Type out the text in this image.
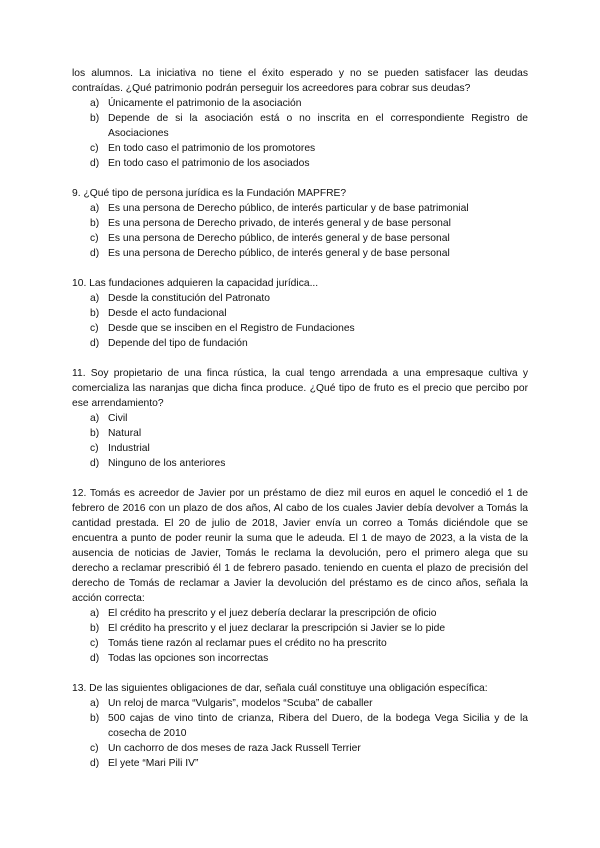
los alumnos. La iniciativa no tiene el éxito esperado y no se pueden satisfacer las deudas contraídas. ¿Qué patrimonio podrán perseguir los acreedores para cobrar sus deudas?

a) Únicamente el patrimonio de la asociación
b) Depende de si la asociación está o no inscrita en el correspondiente Registro de Asociaciones
c) En todo caso el patrimonio de los promotores
d) En todo caso el patrimonio de los asociados

9. ¿Qué tipo de persona jurídica es la Fundación MAPFRE?

a) Es una persona de Derecho público, de interés particular y de base patrimonial
b) Es una persona de Derecho privado, de interés general y de base personal
c) Es una persona de Derecho público, de interés general y de base personal
d) Es una persona de Derecho público, de interés general y de base personal

10. Las fundaciones adquieren la capacidad jurídica...

a) Desde la constitución del Patronato
b) Desde el acto fundacional
c) Desde que se insciben en el Registro de Fundaciones
d) Depende del tipo de fundación

11. Soy propietario de una finca rústica, la cual tengo arrendada a una empresaque cultiva y comercializa las naranjas que dicha finca produce. ¿Qué tipo de fruto es el precio que percibo por ese arrendamiento?

a) Civil
b) Natural
c) Industrial
d) Ninguno de los anteriores

12. Tomás es acreedor de Javier por un préstamo de diez mil euros en aquel le concedió el 1 de febrero de 2016 con un plazo de dos años, Al cabo de los cuales Javier debía devolver a Tomás la cantidad prestada. El 20 de julio de 2018, Javier envía un correo a Tomás diciéndole que se encuentra a punto de poder reunir la suma que le adeuda. El 1 de mayo de 2023, a la vista de la ausencia de noticias de Javier, Tomás le reclama la devolución, pero el primero alega que su derecho a reclamar prescribió él 1 de febrero pasado. teniendo en cuenta el plazo de precisión del derecho de Tomás de reclamar a Javier la devolución del préstamo es de cinco años, señala la acción correcta:

a) El crédito ha prescrito y el juez debería declarar la prescripción de oficio
b) El crédito ha prescrito y el juez declarar la prescripción si Javier se lo pide
c) Tomás tiene razón al reclamar pues el crédito no ha prescrito
d) Todas las opciones son incorrectas

13. De las siguientes obligaciones de dar, señala cuál constituye una obligación específica:

a) Un reloj de marca “Vulgaris”, modelos “Scuba” de caballer
b) 500 cajas de vino tinto de crianza, Ribera del Duero, de la bodega Vega Sicilia y de la cosecha de 2010
c) Un cachorro de dos meses de raza Jack Russell Terrier
d) El yete “Mari Pili IV”
